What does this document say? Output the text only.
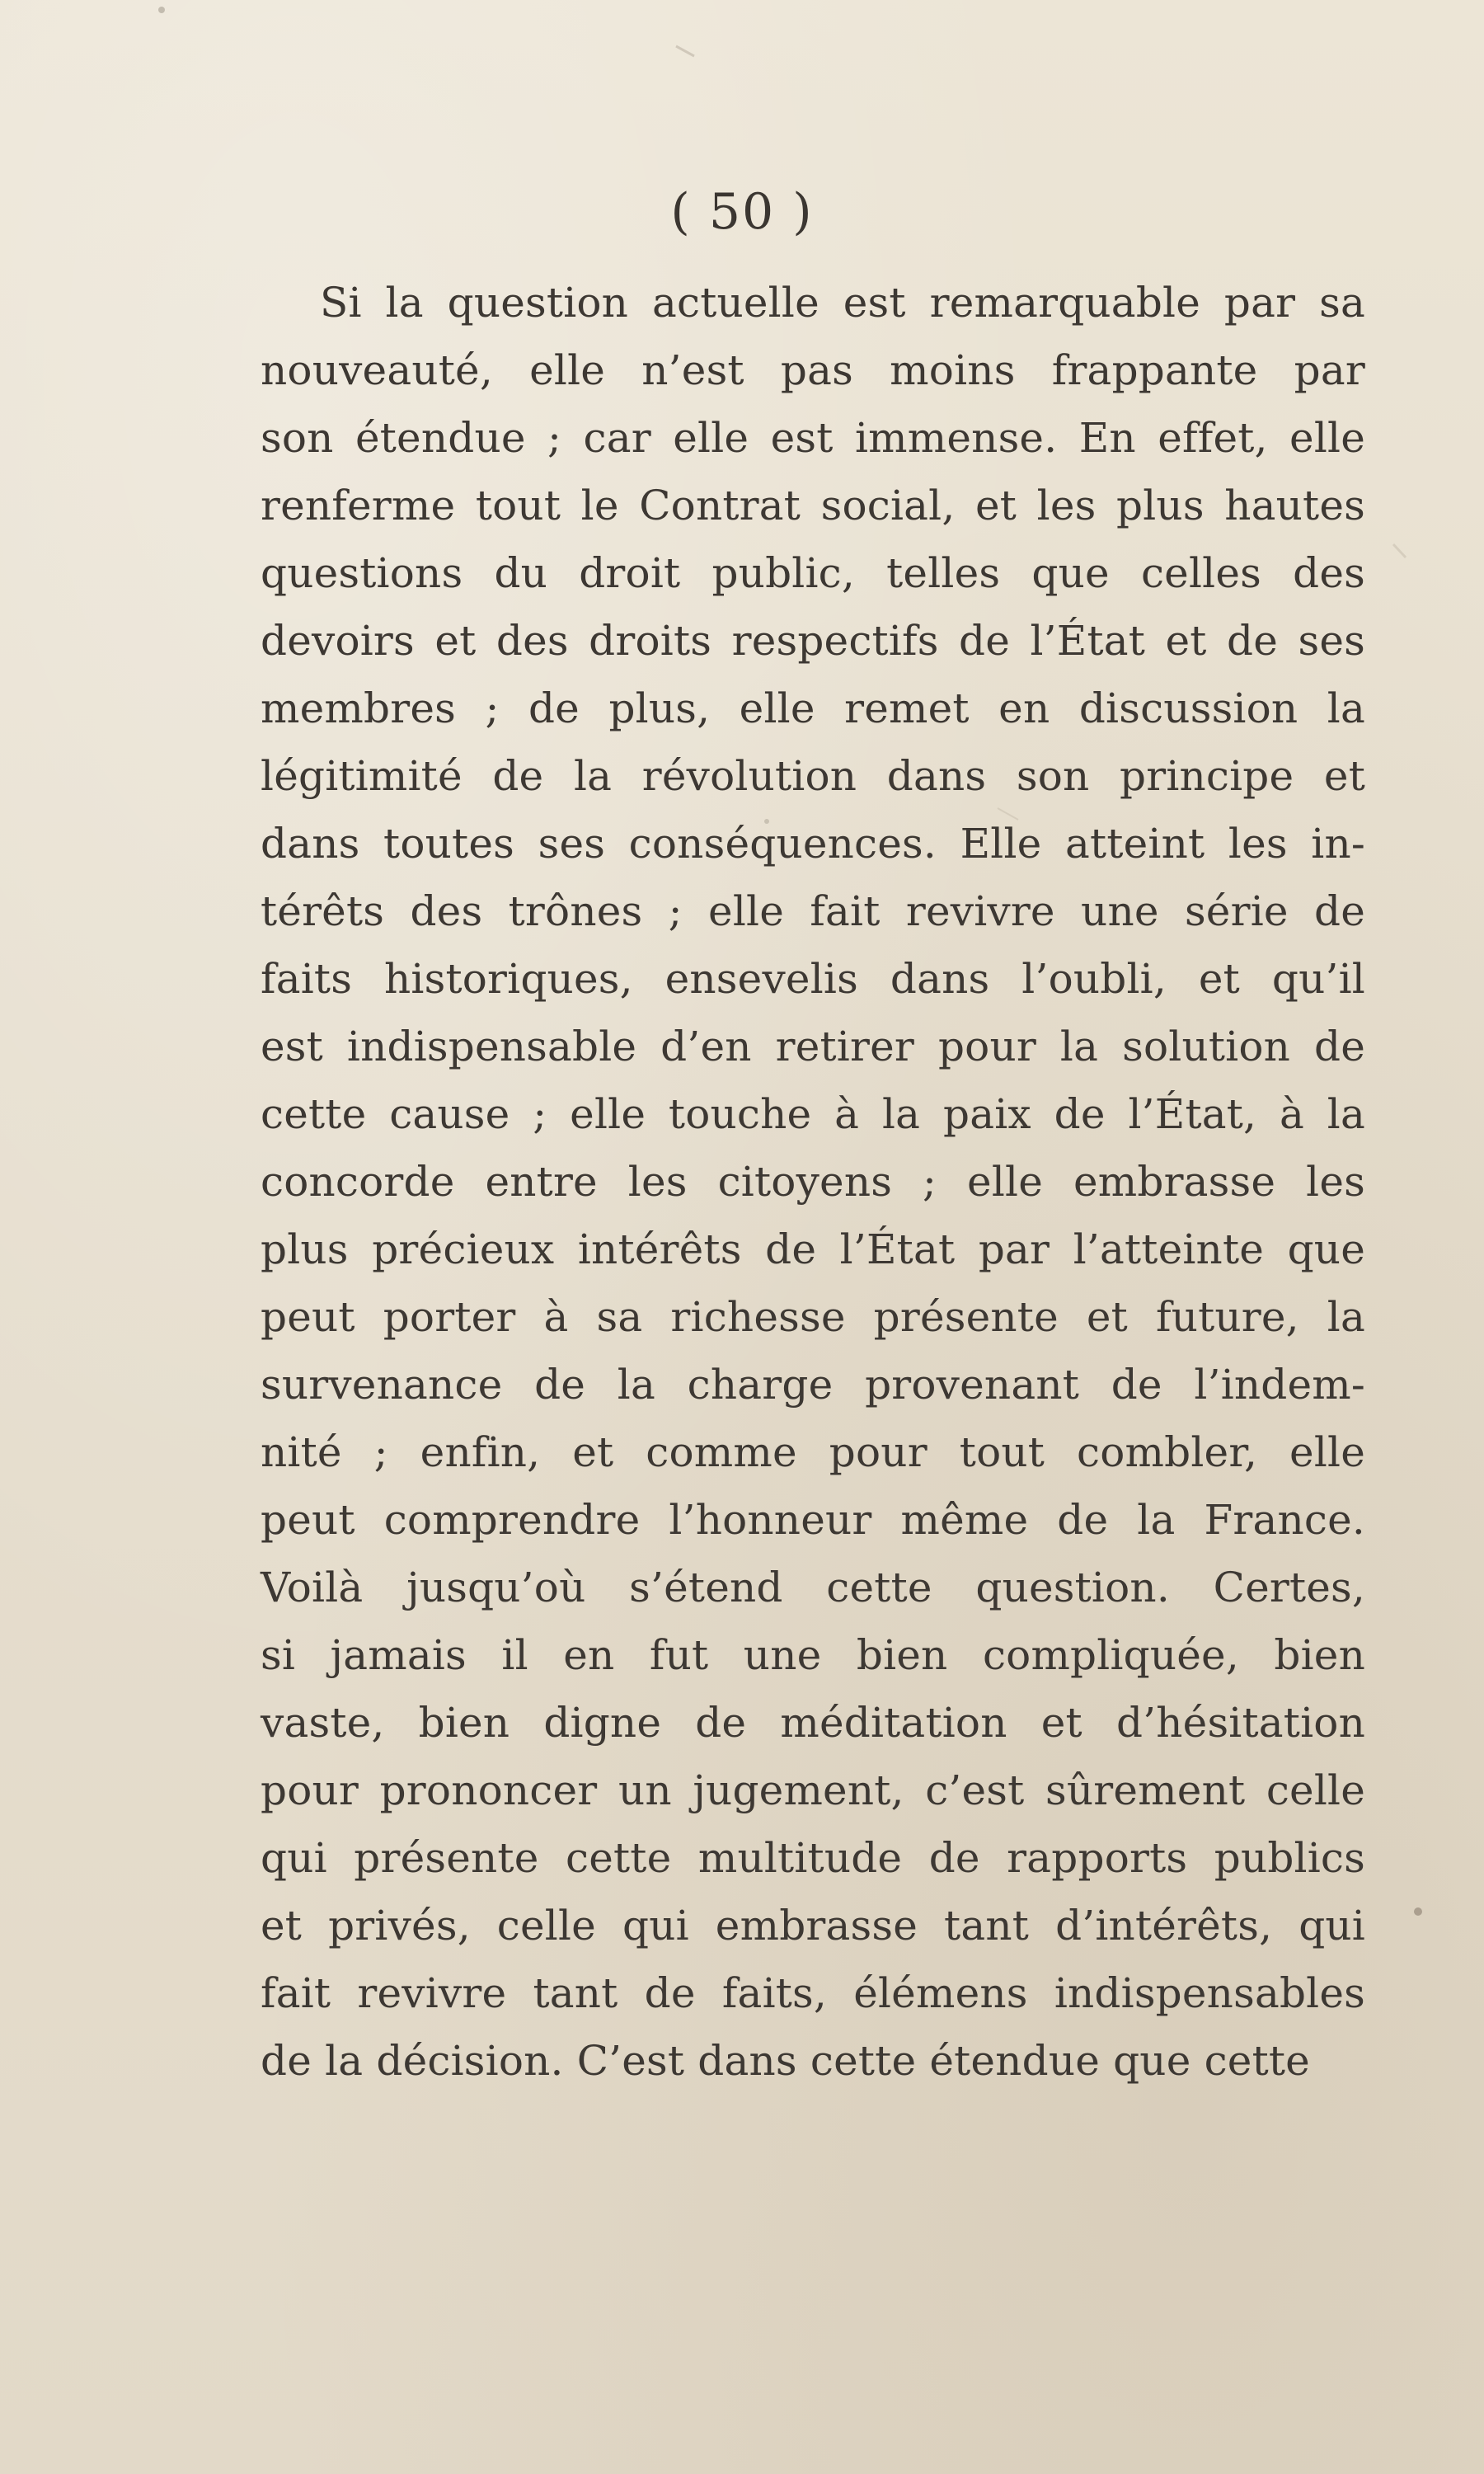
( 50 )
Si la question actuelle est remarquable par sa
nouveauté, elle n’est pas moins frappante par
son étendue ; car elle est immense. En effet, elle
renferme tout le Contrat social, et les plus hautes
questions du droit public, telles que celles des
devoirs et des droits respectifs de l’État et de ses
membres ; de plus, elle remet en discussion la
légitimité de la révolution dans son principe et
dans toutes ses conséquences. Elle atteint les in-
térêts des trônes ; elle fait revivre une série de
faits historiques, ensevelis dans l’oubli, et qu’il
est indispensable d’en retirer pour la solution de
cette cause ; elle touche à la paix de l’État, à la
concorde entre les citoyens ; elle embrasse les
plus précieux intérêts de l’État par l’atteinte que
peut porter à sa richesse présente et future, la
survenance de la charge provenant de l’indem-
nité ; enfin, et comme pour tout combler, elle
peut comprendre l’honneur même de la France.
Voilà jusqu’où s’étend cette question. Certes,
si jamais il en fut une bien compliquée, bien
vaste, bien digne de méditation et d’hésitation
pour prononcer un jugement, c’est sûrement celle
qui présente cette multitude de rapports publics
et privés, celle qui embrasse tant d’intérêts, qui
fait revivre tant de faits, élémens indispensables
de la décision. C’est dans cette étendue que cette
